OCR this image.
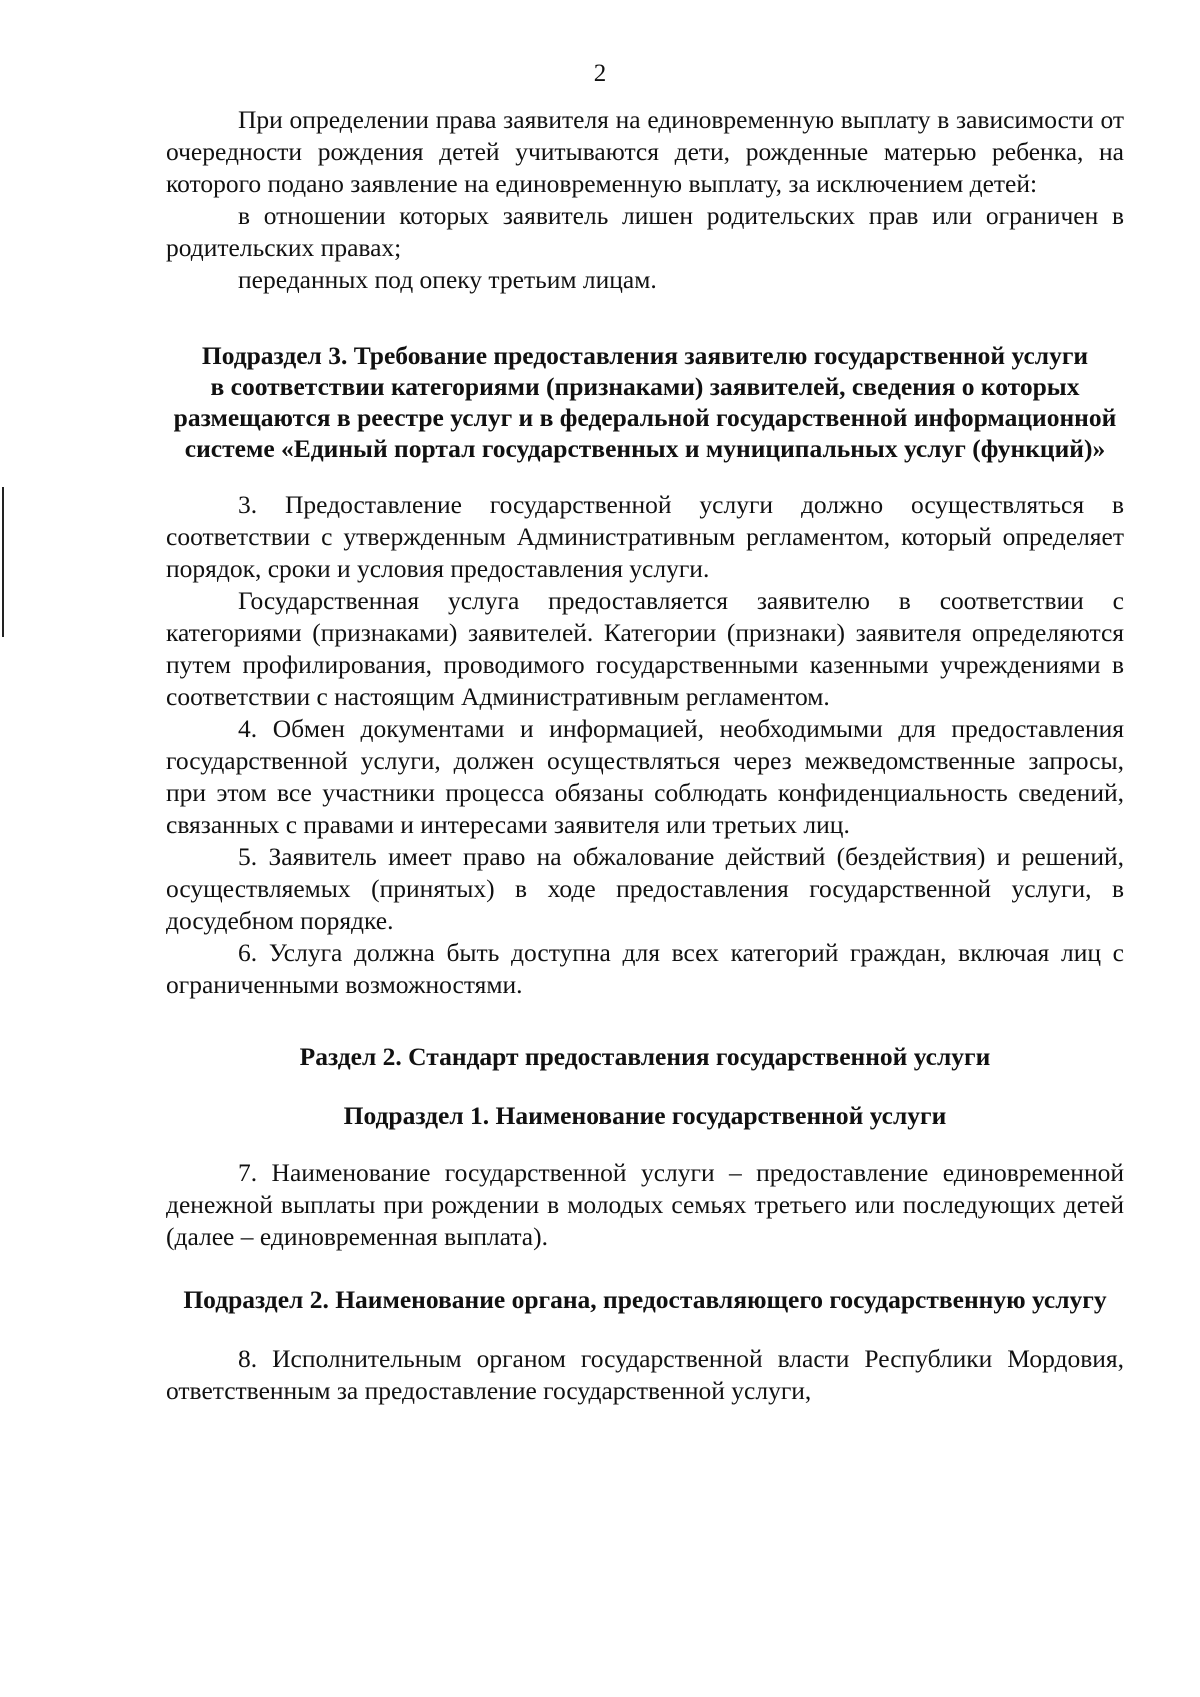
2

При определении права заявителя на единовременную выплату в зависимости от очередности рождения детей учитываются дети, рожденные матерью ребенка, на которого подано заявление на единовременную выплату, за исключением детей:

в отношении которых заявитель лишен родительских прав или ограничен в родительских правах;

переданных под опеку третьим лицам.

Подраздел 3. Требование предоставления заявителю государственной услуги в соответствии категориями (признаками) заявителей, сведения о которых размещаются в реестре услуг и в федеральной государственной информационной системе «Единый портал государственных и муниципальных услуг (функций)»

3. Предоставление государственной услуги должно осуществляться в соответствии с утвержденным Административным регламентом, который определяет порядок, сроки и условия предоставления услуги.

Государственная услуга предоставляется заявителю в соответствии с категориями (признаками) заявителей. Категории (признаки) заявителя определяются путем профилирования, проводимого государственными казенными учреждениями в соответствии с настоящим Административным регламентом.

4. Обмен документами и информацией, необходимыми для предоставления государственной услуги, должен осуществляться через межведомственные запросы, при этом все участники процесса обязаны соблюдать конфиденциальность сведений, связанных с правами и интересами заявителя или третьих лиц.

5. Заявитель имеет право на обжалование действий (бездействия) и решений, осуществляемых (принятых) в ходе предоставления государственной услуги, в досудебном порядке.

6. Услуга должна быть доступна для всех категорий граждан, включая лиц с ограниченными возможностями.

Раздел 2. Стандарт предоставления государственной услуги
Подраздел 1. Наименование государственной услуги

7. Наименование государственной услуги – предоставление единовременной денежной выплаты при рождении в молодых семьях третьего или последующих детей (далее – единовременная выплата).

Подраздел 2. Наименование органа, предоставляющего государственную услугу

8. Исполнительным органом государственной власти Республики Мордовия, ответственным за предоставление государственной услуги,
